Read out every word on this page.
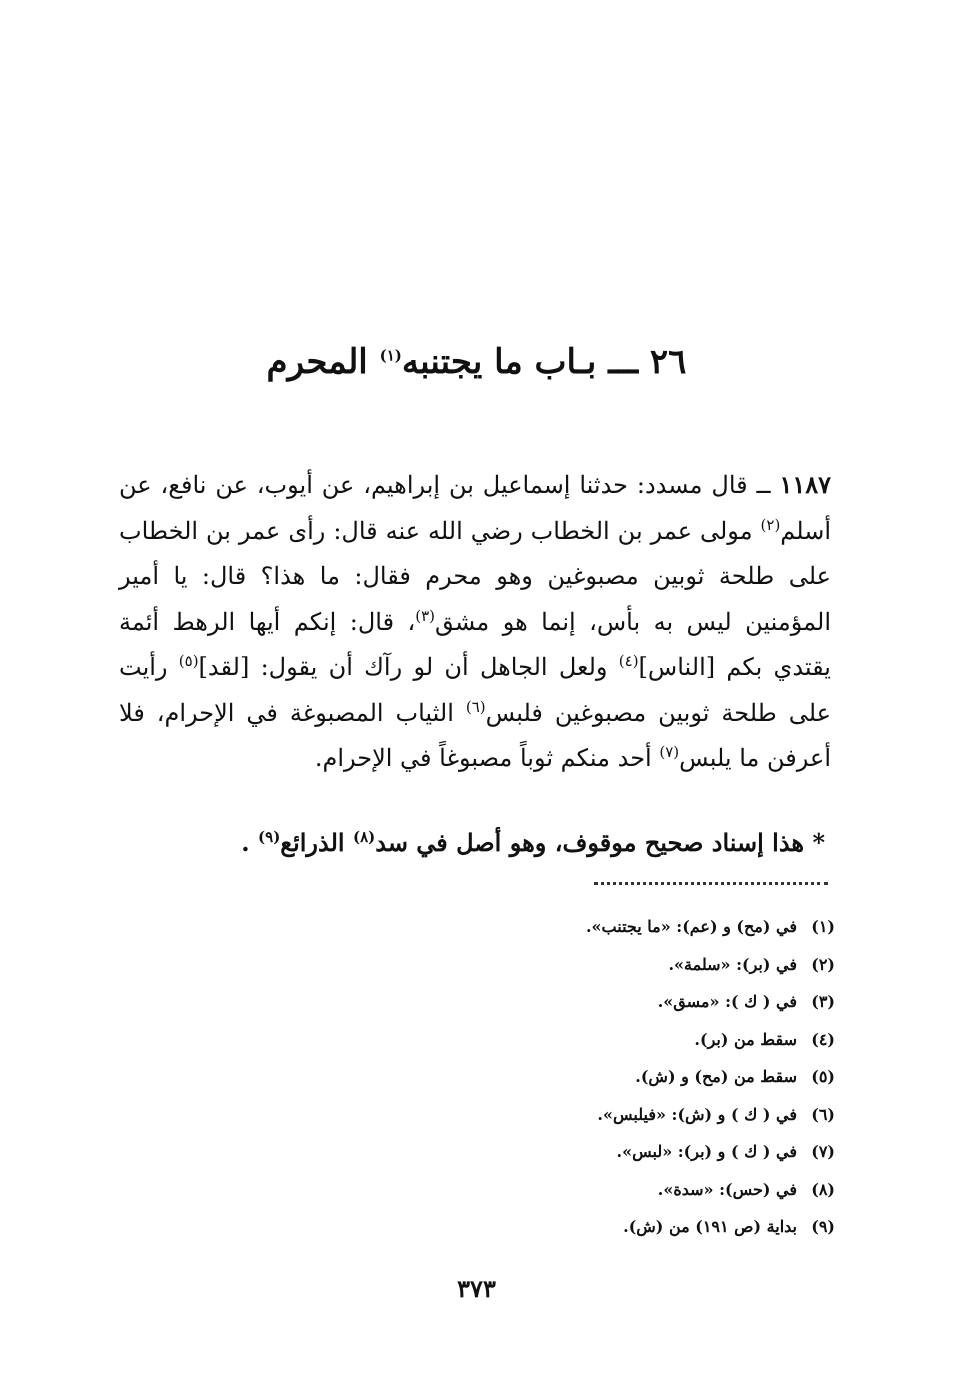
٢٦ ـــ بـاب ما يجتنبه$^{(١)}$ المحرم

١١٨٧ ــ قال مسدد: حدثنا إسماعيل بن إبراهيم، عن أيوب، عن نافع، عن أسلم$^{(٢)}$ مولى عمر بن الخطاب رضي الله عنه قال: رأى عمر بن الخطاب على طلحة ثوبين مصبوغين وهو محرم فقال: ما هذا؟ قال: يا أمير المؤمنين ليس به بأس، إنما هو مشق$^{(٣)}$، قال: إنكم أيها الرهط أئمة يقتدي بكم [الناس]$^{(٤)}$ ولعل الجاهل أن لو رآك أن يقول: [لقد]$^{(٥)}$ رأيت على طلحة ثوبين مصبوغين فلبس$^{(٦)}$ الثياب المصبوغة في الإحرام، فلا أعرفن ما يلبس$^{(٧)}$ أحد منكم ثوباً مصبوغاً في الإحرام.

* هذا إسناد صحيح موقوف، وهو أصل في سد$^{(٨)}$ الذرائع$^{(٩)}$ .

(١)في (مح) و (عم): «ما يجتنب».
(٢)في (بر): «سلمة».
(٣)في ( ك ): «مسق».
(٤)سقط من (بر).
(٥)سقط من (مح) و (ش).
(٦)في ( ك ) و (ش): «فيلبس».
(٧)في ( ك ) و (بر): «لبس».
(٨)في (حس): «سدة».
(٩)بداية (ص ١٩١) من (ش).
٣٧٣
